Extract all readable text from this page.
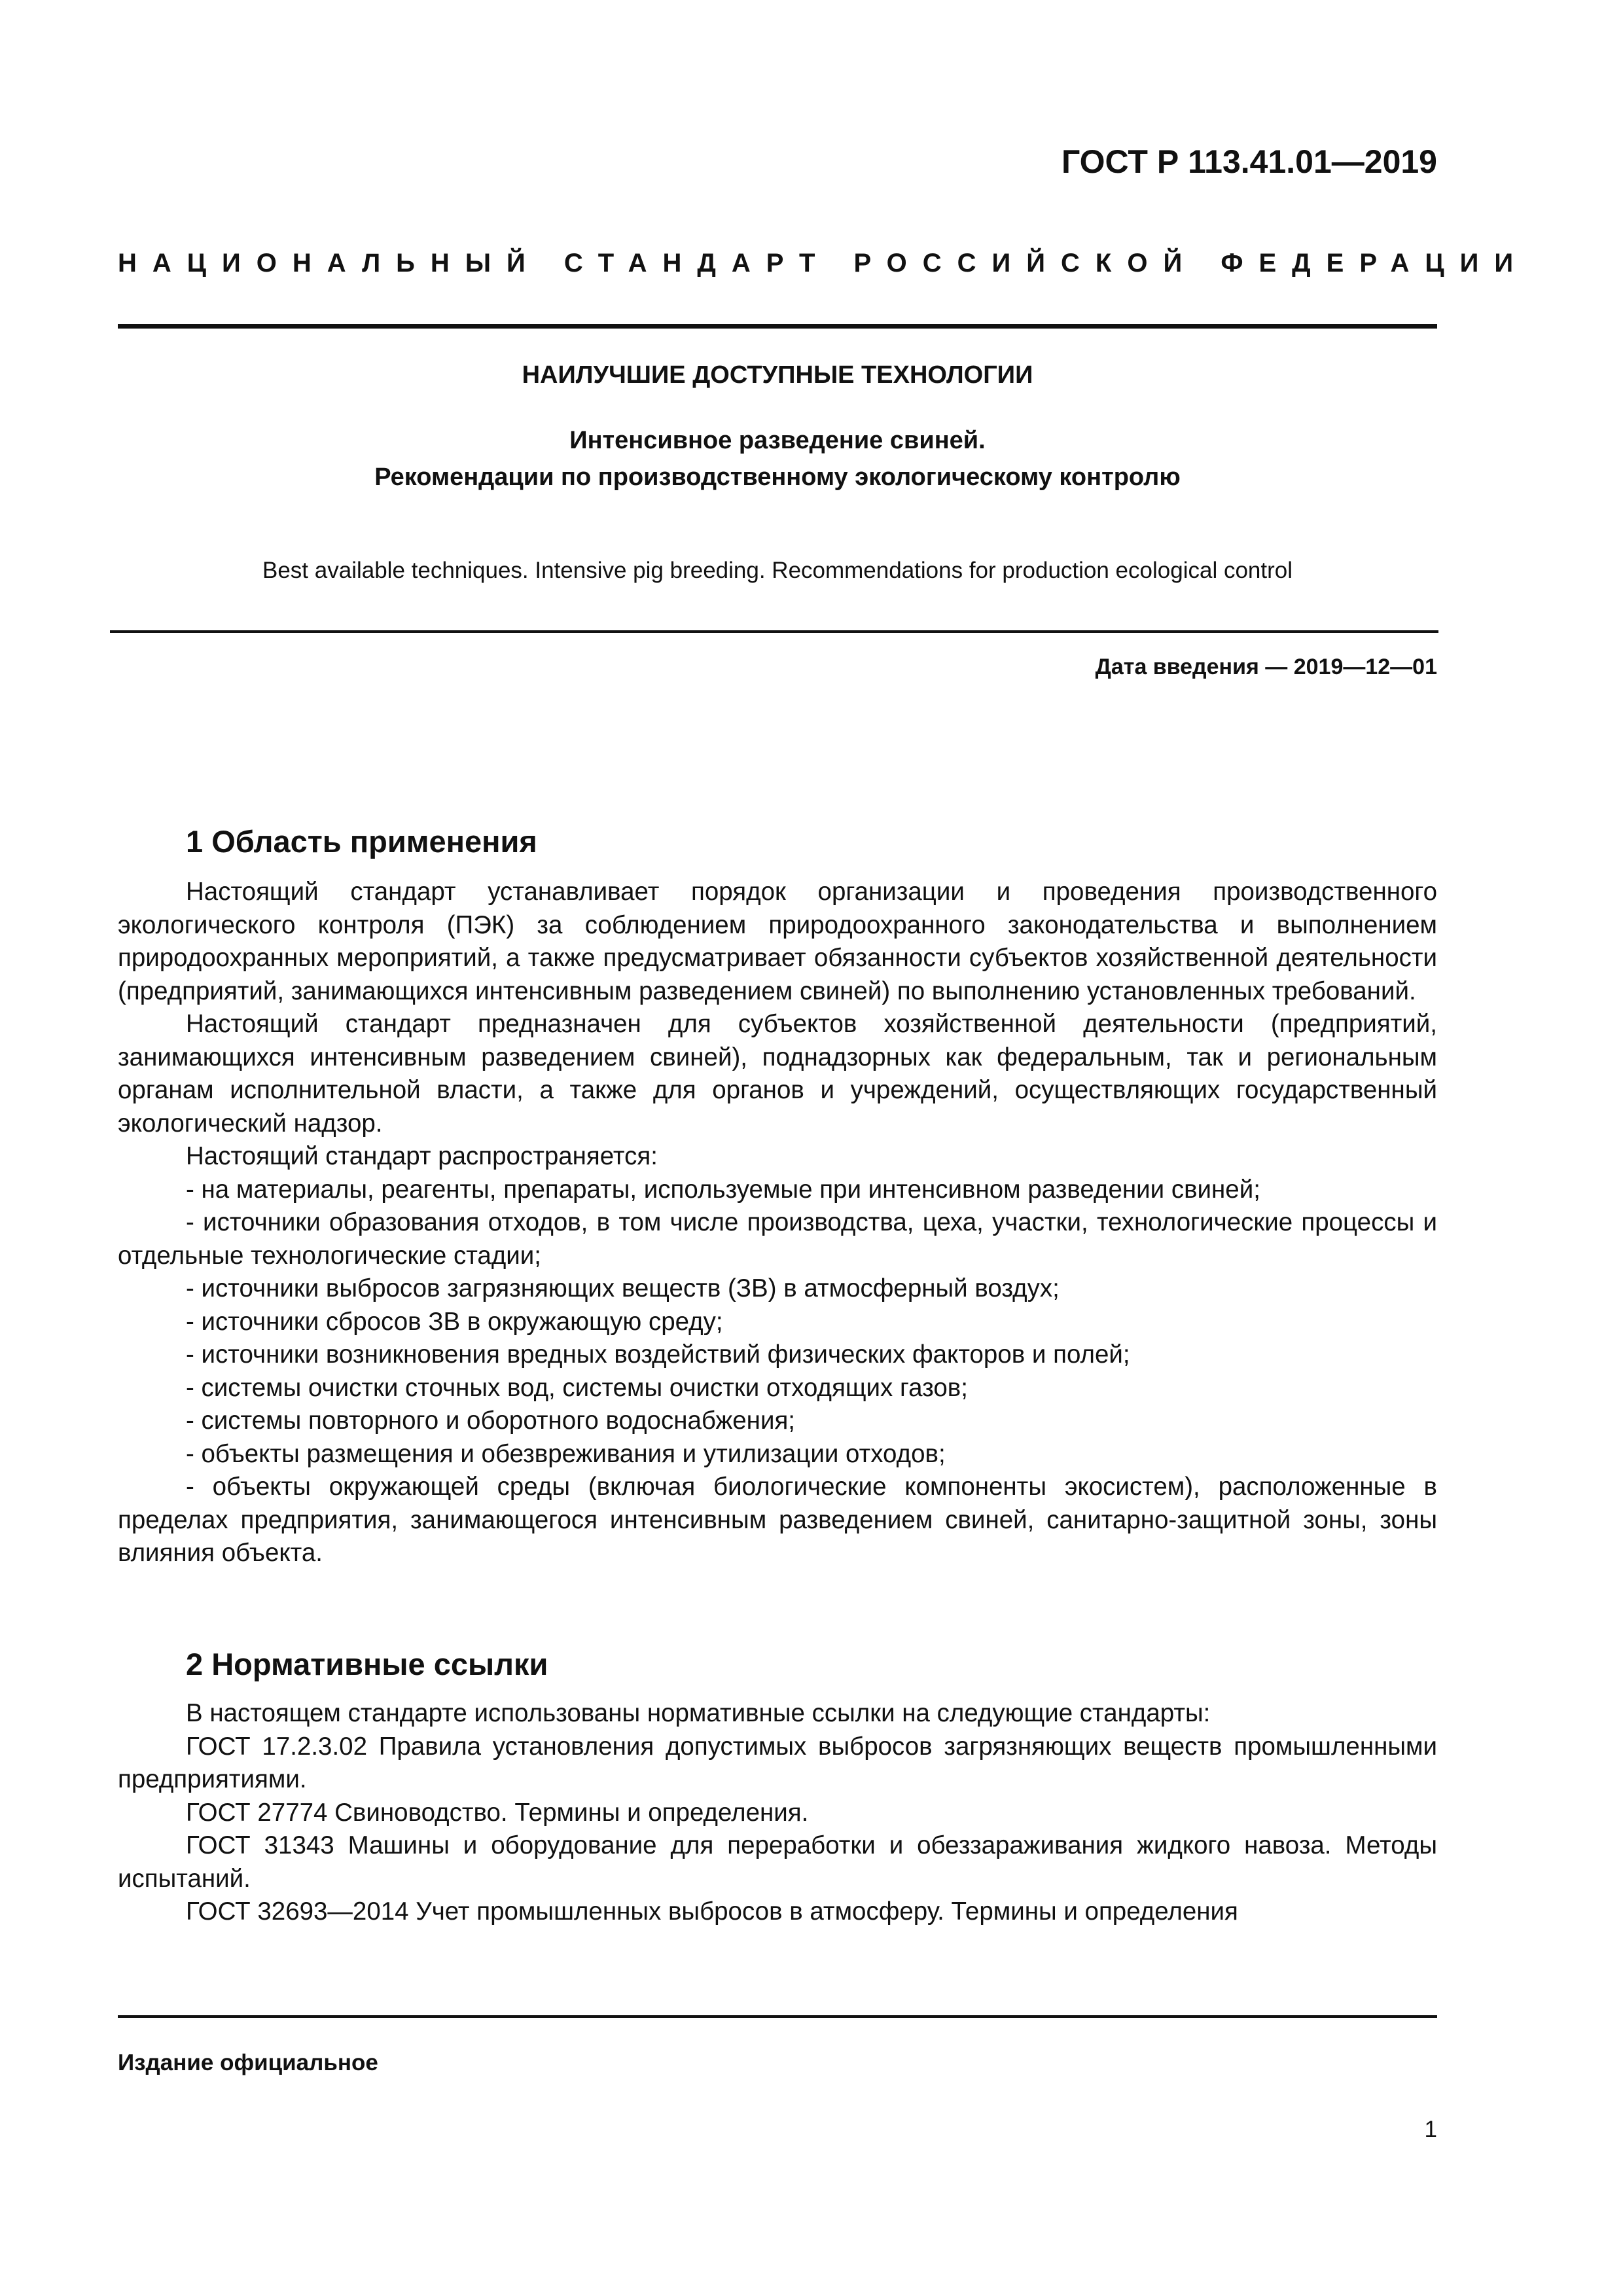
ГОСТ Р 113.41.01—2019
НАЦИОНАЛЬНЫЙ СТАНДАРТ РОССИЙСКОЙ ФЕДЕРАЦИИ
НАИЛУЧШИЕ ДОСТУПНЫЕ ТЕХНОЛОГИИ
Интенсивное разведение свиней.
Рекомендации по производственному экологическому контролю
Best available techniques. Intensive pig breeding. Recommendations for production ecological control
Дата введения — 2019—12—01
1 Область применения

Настоящий стандарт устанавливает порядок организации и проведения производственного экологического контроля (ПЭК) за соблюдением природоохранного законодательства и выполнением природоохранных мероприятий, а также предусматривает обязанности субъектов хозяйственной деятельности (предприятий, занимающихся интенсивным разведением свиней) по выполнению установленных требований.

Настоящий стандарт предназначен для субъектов хозяйственной деятельности (предприятий, занимающихся интенсивным разведением свиней), поднадзорных как федеральным, так и региональным органам исполнительной власти, а также для органов и учреждений, осуществляющих государственный экологический надзор.

Настоящий стандарт распространяется:

- на материалы, реагенты, препараты, используемые при интенсивном разведении свиней;

- источники образования отходов, в том числе производства, цеха, участки, технологические процессы и отдельные технологические стадии;

- источники выбросов загрязняющих веществ (ЗВ) в атмосферный воздух;

- источники сбросов ЗВ в окружающую среду;

- источники возникновения вредных воздействий физических факторов и полей;

- системы очистки сточных вод, системы очистки отходящих газов;

- системы повторного и оборотного водоснабжения;

- объекты размещения и обезвреживания и утилизации отходов;

- объекты окружающей среды (включая биологические компоненты экосистем), расположенные в пределах предприятия, занимающегося интенсивным разведением свиней, санитарно-защитной зоны, зоны влияния объекта.

2 Нормативные ссылки

В настоящем стандарте использованы нормативные ссылки на следующие стандарты:

ГОСТ 17.2.3.02 Правила установления допустимых выбросов загрязняющих веществ промышленными предприятиями.

ГОСТ 27774 Свиноводство. Термины и определения.

ГОСТ 31343 Машины и оборудование для переработки и обеззараживания жидкого навоза. Методы испытаний.

ГОСТ 32693—2014 Учет промышленных выбросов в атмосферу. Термины и определения

Издание официальное
1
